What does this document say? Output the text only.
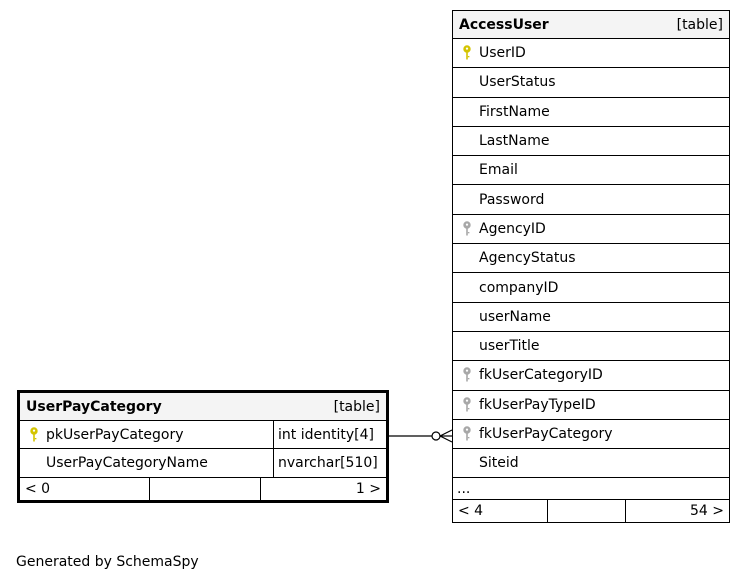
AccessUser	[table]
UserID
UserStatus
FirstName
LastName
Email
Password
AgencyID
AgencyStatus
companyID
userName
userTitle
fkUserCategoryID
fkUserPayTypeID
fkUserPayCategory
Siteid
...
< 4	54 >
UserPayCategory	[table]
pkUserPayCategory	int identity[4]
UserPayCategoryName	nvarchar[510]
< 0	1 >
Generated by SchemaSpy
